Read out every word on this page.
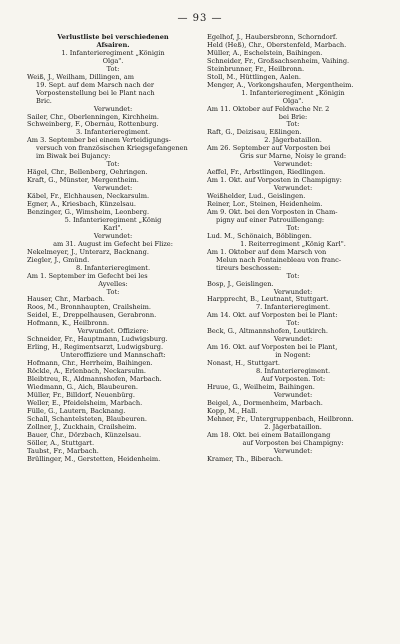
— 93 —
Verlustliste bei verschiedenen
Afsairen.
1. Infanterieregiment „Königin
Olga".
Tot:
Weiß, J., Weilham, Dillingen, am
19. Sept. auf dem Marsch nach der
Vorpostenstellung bei le Plant nach
Bric.
Verwundet:
Sailer, Chr., Oberlenningen, Kirchheim.
Schweinberg, F., Obernau, Rottenburg.
3. Infanterieregiment.
Am 3. September bei einem Verteidigungs-
versuch von französischen Kriegsgefangenen
im Biwak bei Bujancy:
Tot:
Hägel, Chr., Bellenberg, Oehringen.
Kraft, G., Münster, Mergentheim.
Verwundet:
Käbel, Fr., Elchhausen, Neckarsulm.
Egner, A., Kriesbach, Künzelsau.
Benzinger, G., Wimsheim, Leonberg.
5. Infanterieregiment „König
Karl".
Verwundet:
am 31. August im Gefecht bei Flize:
Nekelmeyer, J., Unterarz, Backnang.
Ziegler, J., Gmünd.
8. Infanterieregiment.
Am 1. September im Gefecht bei les
Ayvelles:
Tot:
Hauser, Chr., Marbach.
Roos, M., Bronnhaupten, Crailsheim.
Seidel, E., Dreppelhausen, Gerabronn.
Hofmann, K., Heilbronn.
Verwundet. Offiziere:
Schneider, Fr., Hauptmann, Ludwigsburg.
Erling, H., Regimentsarzt, Ludwigsburg.
Unteroffiziere und Mannschaft:
Hofmann, Chr., Herrheim, Baihingen.
Röckle, A., Erlenbach, Neckarsulm.
Bleibtreu, R., Aldmannshofen, Marbach.
Wiedmann, G., Aich, Blaubeuren.
Müller, Fr., Billdorf, Neuenbürg.
Weller, E., Pfeidelsheim, Marbach.
Fülle, G., Lautern, Backnang.
Schall, Schantelsteten, Blaubeuren.
Zollner, J., Zuckhain, Crailsheim.
Bauer, Chr., Dörzbach, Künzelsau.
Söller, A., Stuttgart.
Taubst, Fr., Marbach.
Brüllinger, M., Gerstetten, Heidenheim.
Egelhof, J., Haubersbronn, Schorndorf.
Held (Heß), Chr., Oberstenfeld, Marbach.
Müller, A., Eschelstein, Baihingen.
Schneider, Fr., Großsachsenheim, Vaihing.
Steinbrunner, Fr., Heilbronn.
Stoll, M., Hüttlingen, Aalen.
Menger, A., Vorkongshaufen, Mergentheim.
1. Infanterieregiment „Königin
Olga".
Am 11. Oktober auf Feldwache Nr. 2
bei Brie:
Tot:
Raft, G., Deizisau, Eßlingen.
2. Jägerbataillon.
Am 26. September auf Vorposten bei
Gris sur Marne, Noisy le grand:
Verwundet:
Aeffel, Fr., Arbstlingen, Riedlingen.
Am 1. Okt. auf Vorposten in Champigny:
Verwundet:
Weißhelder, Lud., Geislingen.
Reiner, Lor., Steinen, Heidenheim.
Am 9. Okt. bei den Vorposten in Cham-
pigny auf einer Patrouillengang:
Tot:
Lud. M., Schönaich, Böblingen.
1. Reiterregiment „König Karl".
Am 1. Oktober auf dem Marsch von
Melun nach Fontainebleau von franc-
tireurs beschossen:
Tot:
Bosp, J., Geislingen.
Verwundet:
Harpprecht, B., Leutnant, Stuttgart.
7. Infanterieregiment.
Am 14. Okt. auf Vorposten bei le Plant:
Tot:
Beck, G., Altmannshofen, Leutkirch.
Verwundet:
Am 16. Okt. auf Vorposten bei le Plant,
in Nogent:
Nonast, H., Stuttgart.
8. Infanterieregiment.
Auf Vorposten. Tot:
Hruue, G., Weilheim, Baihingen.
Verwundet:
Beigel, A., Dormenheim, Marbach.
Kopp, M., Hall.
Mehner, Fr., Untergruppenbach, Heilbronn.
2. Jägerbataillon.
Am 18. Okt. bei einem Bataillongang
auf Vorposten bei Champigny:
Verwundet:
Kramer, Th., Biberach.
